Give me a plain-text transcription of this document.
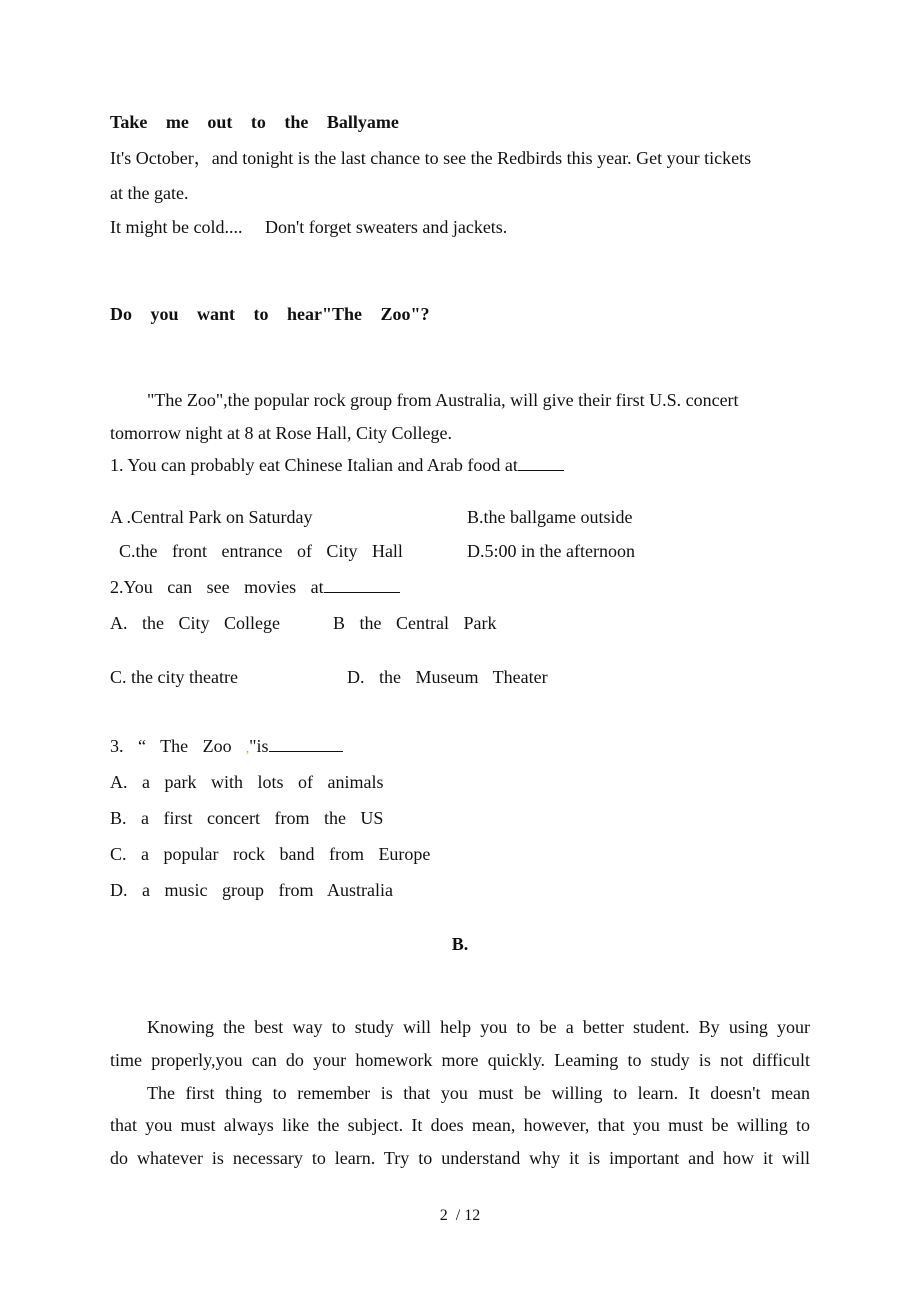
Take me out to the Ballyame
It's October，and tonight is the last chance to see the Redbirds this year. Get your tickets
at the gate.
It might be cold....     Don't forget sweaters and jackets.
Do you want to hear"The Zoo"?
"The Zoo",the popular rock group from Australia, will give their first U.S. concert
tomorrow night at 8 at Rose Hall, City College.
1. You can probably eat Chinese Italian and Arab food at
A .Central Park on Saturday	B.the ballgame outside
C.the front entrance of City Hall	D.5:00 in the afternoon
2.You can see movies at
A. the City College	B the Central Park
C. the city theatre	D. the Museum Theater
3. “ The Zoo ,"is
A. a park with lots of animals
B. a first concert from the US
C. a popular rock band from Europe
D. a music group from Australia
B.
Knowing the best way to study will help you to be a better student. By using your
time properly,you can do your homework more quickly. Leaming to study is not difficult
The first thing to remember is that you must be willing to learn. It doesn't mean
that you must always like the subject. It does mean, however, that you must be willing to
do whatever is necessary to learn. Try to understand why it is important and how it will
2  / 12
